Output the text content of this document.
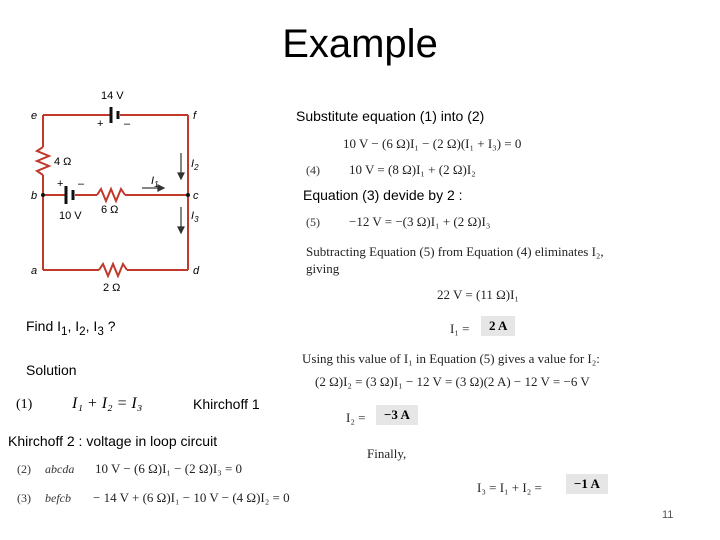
Example
e	f
b	c
a	d
14 V
+ –
+ –
10 V
4 Ω
6 Ω
2 Ω
$I_1$
$I_2$
$I_3$
Substitute equation (1) into (2)
10 V − (6 Ω)I₁ − (2 Ω)(I₁ + I₃) = 0
(4) 10 V = (8 Ω)I₁ + (2 Ω)I₂
Equation (3) devide by 2 :
(5) −12 V = −(3 Ω)I₁ + (2 Ω)I₃
Subtracting Equation (5) from Equation (4) eliminates I₂,
giving
22 V = (11 Ω)I₁
I₁ =	2 A
Using this value of I₁ in Equation (5) gives a value for I₂:
(2 Ω)I₂ = (3 Ω)I₁ − 12 V = (3 Ω)(2 A) − 12 V = −6 V
I₂ =	−3 A
Finally,
I₃ = I₁ + I₂ =	−1 A
Find $I_1$, $I_2$, $I_3$ ?
Solution
(1) I₁ + I₂ = I₃	Khirchoff 1
Khirchoff 2 : voltage in loop circuit
(2) abcda 10 V − (6 Ω)I₁ − (2 Ω)I₃ = 0
(3) befcb − 14 V + (6 Ω)I₁ − 10 V − (4 Ω)I₂ = 0
11
